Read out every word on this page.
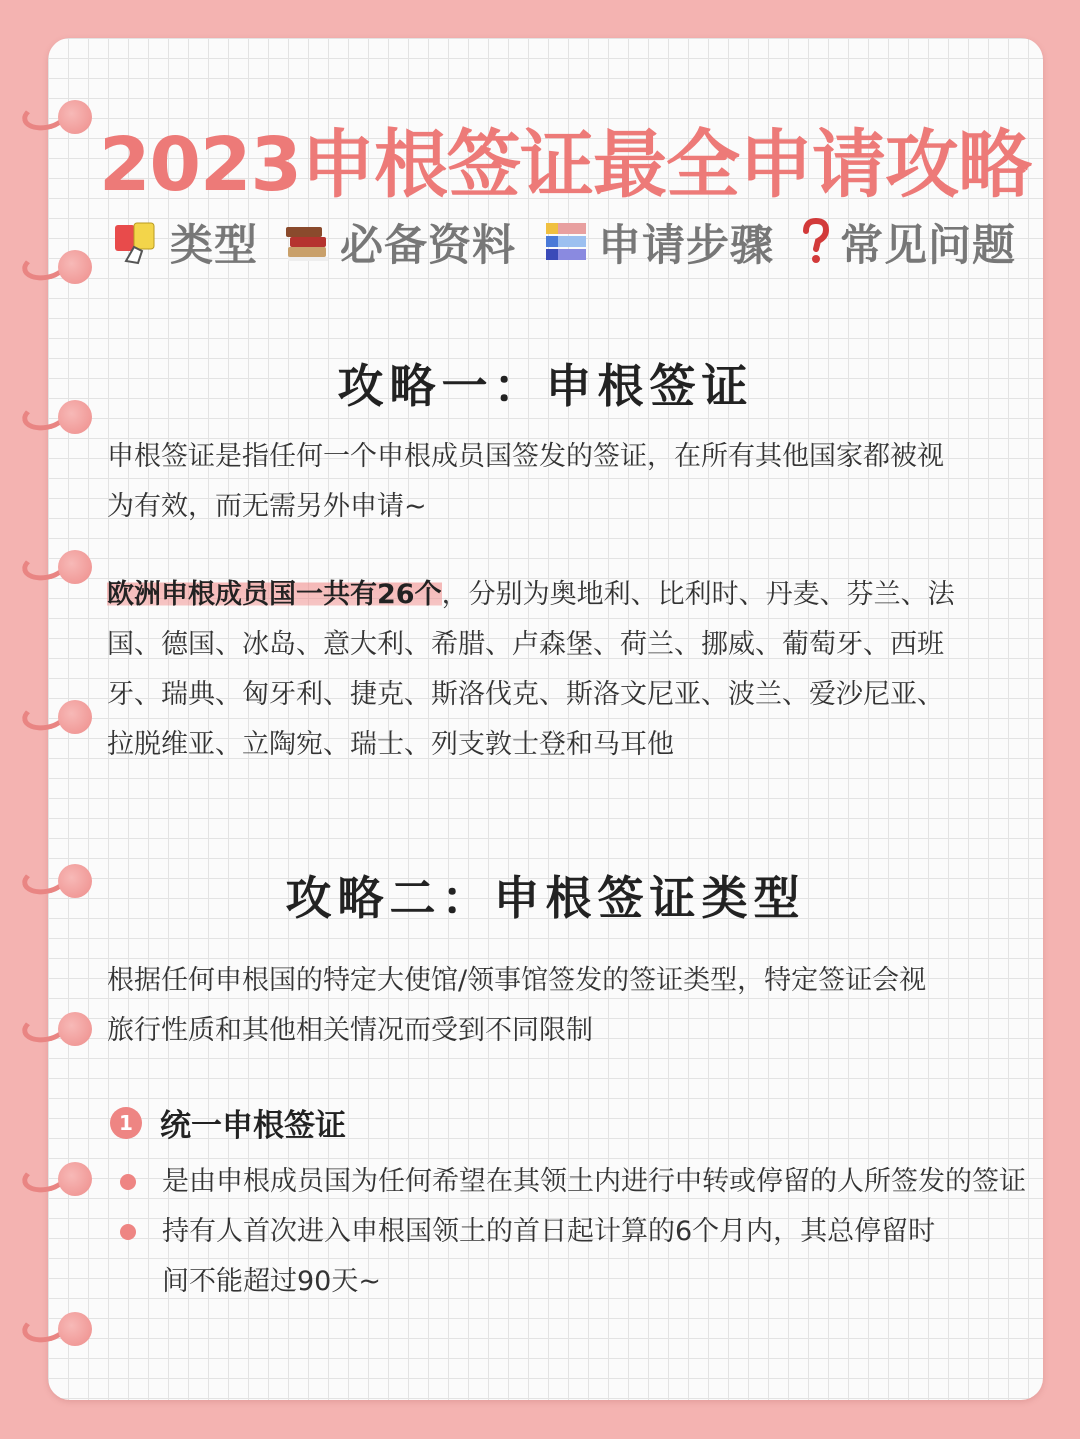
2023申根签证最全申请攻略
类型 必备资料 申请步骤 常见问题
攻略一：申根签证
申根签证是指任何一个申根成员国签发的签证，在所有其他国家都被视
为有效，而无需另外申请~
欧洲申根成员国一共有26个，分别为奥地利、比利时、丹麦、芬兰、法
国、德国、冰岛、意大利、希腊、卢森堡、荷兰、挪威、葡萄牙、西班
牙、瑞典、匈牙利、捷克、斯洛伐克、斯洛文尼亚、波兰、爱沙尼亚、
拉脱维亚、立陶宛、瑞士、列支敦士登和马耳他
攻略二：申根签证类型
根据任何申根国的特定大使馆/领事馆签发的签证类型，特定签证会视
旅行性质和其他相关情况而受到不同限制
1 统一申根签证
是由申根成员国为任何希望在其领土内进行中转或停留的人所签发的签证
持有人首次进入申根国领土的首日起计算的6个月内，其总停留时
间不能超过90天~
